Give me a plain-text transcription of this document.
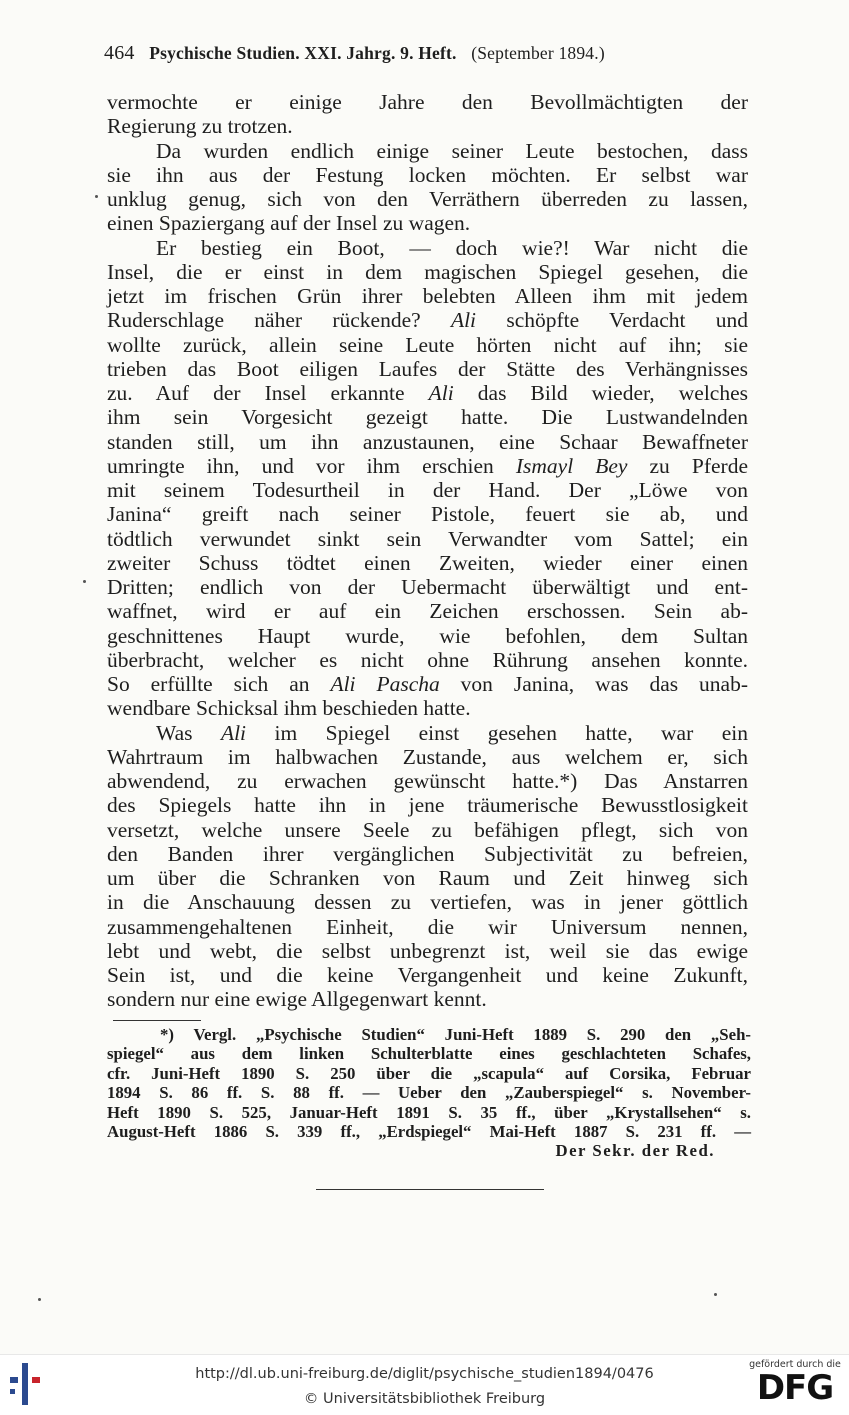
464 Psychische Studien. XXI. Jahrg. 9. Heft. (September 1894.)
vermochte er einige Jahre den Bevollmächtigten der
Regierung zu trotzen.
Da wurden endlich einige seiner Leute bestochen, dass
sie ihn aus der Festung locken möchten. Er selbst war
unklug genug, sich von den Verräthern überreden zu lassen,
einen Spaziergang auf der Insel zu wagen.
Er bestieg ein Boot, — doch wie?! War nicht die
Insel, die er einst in dem magischen Spiegel gesehen, die
jetzt im frischen Grün ihrer belebten Alleen ihm mit jedem
Ruderschlage näher rückende? Ali schöpfte Verdacht und
wollte zurück, allein seine Leute hörten nicht auf ihn; sie
trieben das Boot eiligen Laufes der Stätte des Verhängnisses
zu. Auf der Insel erkannte Ali das Bild wieder, welches
ihm sein Vorgesicht gezeigt hatte. Die Lustwandelnden
standen still, um ihn anzustaunen, eine Schaar Bewaffneter
umringte ihn, und vor ihm erschien Ismayl Bey zu Pferde
mit seinem Todesurtheil in der Hand. Der „Löwe von
Janina“ greift nach seiner Pistole, feuert sie ab, und
tödtlich verwundet sinkt sein Verwandter vom Sattel; ein
zweiter Schuss tödtet einen Zweiten, wieder einer einen
Dritten; endlich von der Uebermacht überwältigt und ent-
waffnet, wird er auf ein Zeichen erschossen. Sein ab-
geschnittenes Haupt wurde, wie befohlen, dem Sultan
überbracht, welcher es nicht ohne Rührung ansehen konnte.
So erfüllte sich an Ali Pascha von Janina, was das unab-
wendbare Schicksal ihm beschieden hatte.
Was Ali im Spiegel einst gesehen hatte, war ein
Wahrtraum im halbwachen Zustande, aus welchem er, sich
abwendend, zu erwachen gewünscht hatte.*) Das Anstarren
des Spiegels hatte ihn in jene träumerische Bewusstlosigkeit
versetzt, welche unsere Seele zu befähigen pflegt, sich von
den Banden ihrer vergänglichen Subjectivität zu befreien,
um über die Schranken von Raum und Zeit hinweg sich
in die Anschauung dessen zu vertiefen, was in jener göttlich
zusammengehaltenen Einheit, die wir Universum nennen,
lebt und webt, die selbst unbegrenzt ist, weil sie das ewige
Sein ist, und die keine Vergangenheit und keine Zukunft,
sondern nur eine ewige Allgegenwart kennt.
*) Vergl. „Psychische Studien“ Juni-Heft 1889 S. 290 den „Seh-
spiegel“ aus dem linken Schulterblatte eines geschlachteten Schafes,
cfr. Juni-Heft 1890 S. 250 über die „scapula“ auf Corsika, Februar
1894 S. 86 ff. S. 88 ff. — Ueber den „Zauberspiegel“ s. November-
Heft 1890 S. 525, Januar-Heft 1891 S. 35 ff., über „Krystallsehen“ s.
August-Heft 1886 S. 339 ff., „Erdspiegel“ Mai-Heft 1887 S. 231 ff. —
Der Sekr. der Red.
http://dl.ub.uni-freiburg.de/diglit/psychische_studien1894/0476
© Universitätsbibliothek Freiburg
gefördert durch die
DFG
